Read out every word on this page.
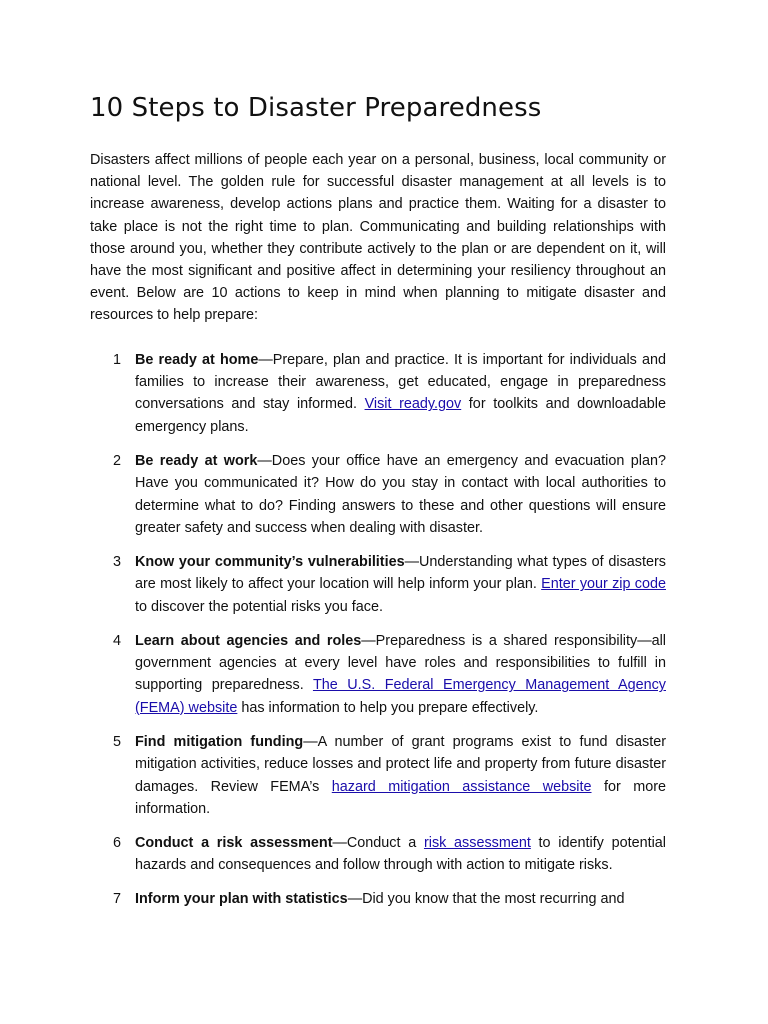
10 Steps to Disaster Preparedness

Disasters affect millions of people each year on a personal, business, local community or national level. The golden rule for successful disaster management at all levels is to increase awareness, develop actions plans and practice them. Waiting for a disaster to take place is not the right time to plan. Communicating and building relationships with those around you, whether they contribute actively to the plan or are dependent on it, will have the most significant and positive affect in determining your resiliency throughout an event. Below are 10 actions to keep in mind when planning to mitigate disaster and resources to help prepare:

1 Be ready at home—Prepare, plan and practice. It is important for individuals and families to increase their awareness, get educated, engage in preparedness conversations and stay informed. Visit ready.gov for toolkits and downloadable emergency plans.
2 Be ready at work—Does your office have an emergency and evacuation plan? Have you communicated it? How do you stay in contact with local authorities to determine what to do? Finding answers to these and other questions will ensure greater safety and success when dealing with disaster.
3 Know your community’s vulnerabilities—Understanding what types of disasters are most likely to affect your location will help inform your plan. Enter your zip code to discover the potential risks you face.
4 Learn about agencies and roles—Preparedness is a shared responsibility—all government agencies at every level have roles and responsibilities to fulfill in supporting preparedness. The U.S. Federal Emergency Management Agency (FEMA) website has information to help you prepare effectively.
5 Find mitigation funding—A number of grant programs exist to fund disaster mitigation activities, reduce losses and protect life and property from future disaster damages. Review FEMA’s hazard mitigation assistance website for more information.
6 Conduct a risk assessment—Conduct a risk assessment to identify potential hazards and consequences and follow through with action to mitigate risks.
7 Inform your plan with statistics—Did you know that the most recurring and
